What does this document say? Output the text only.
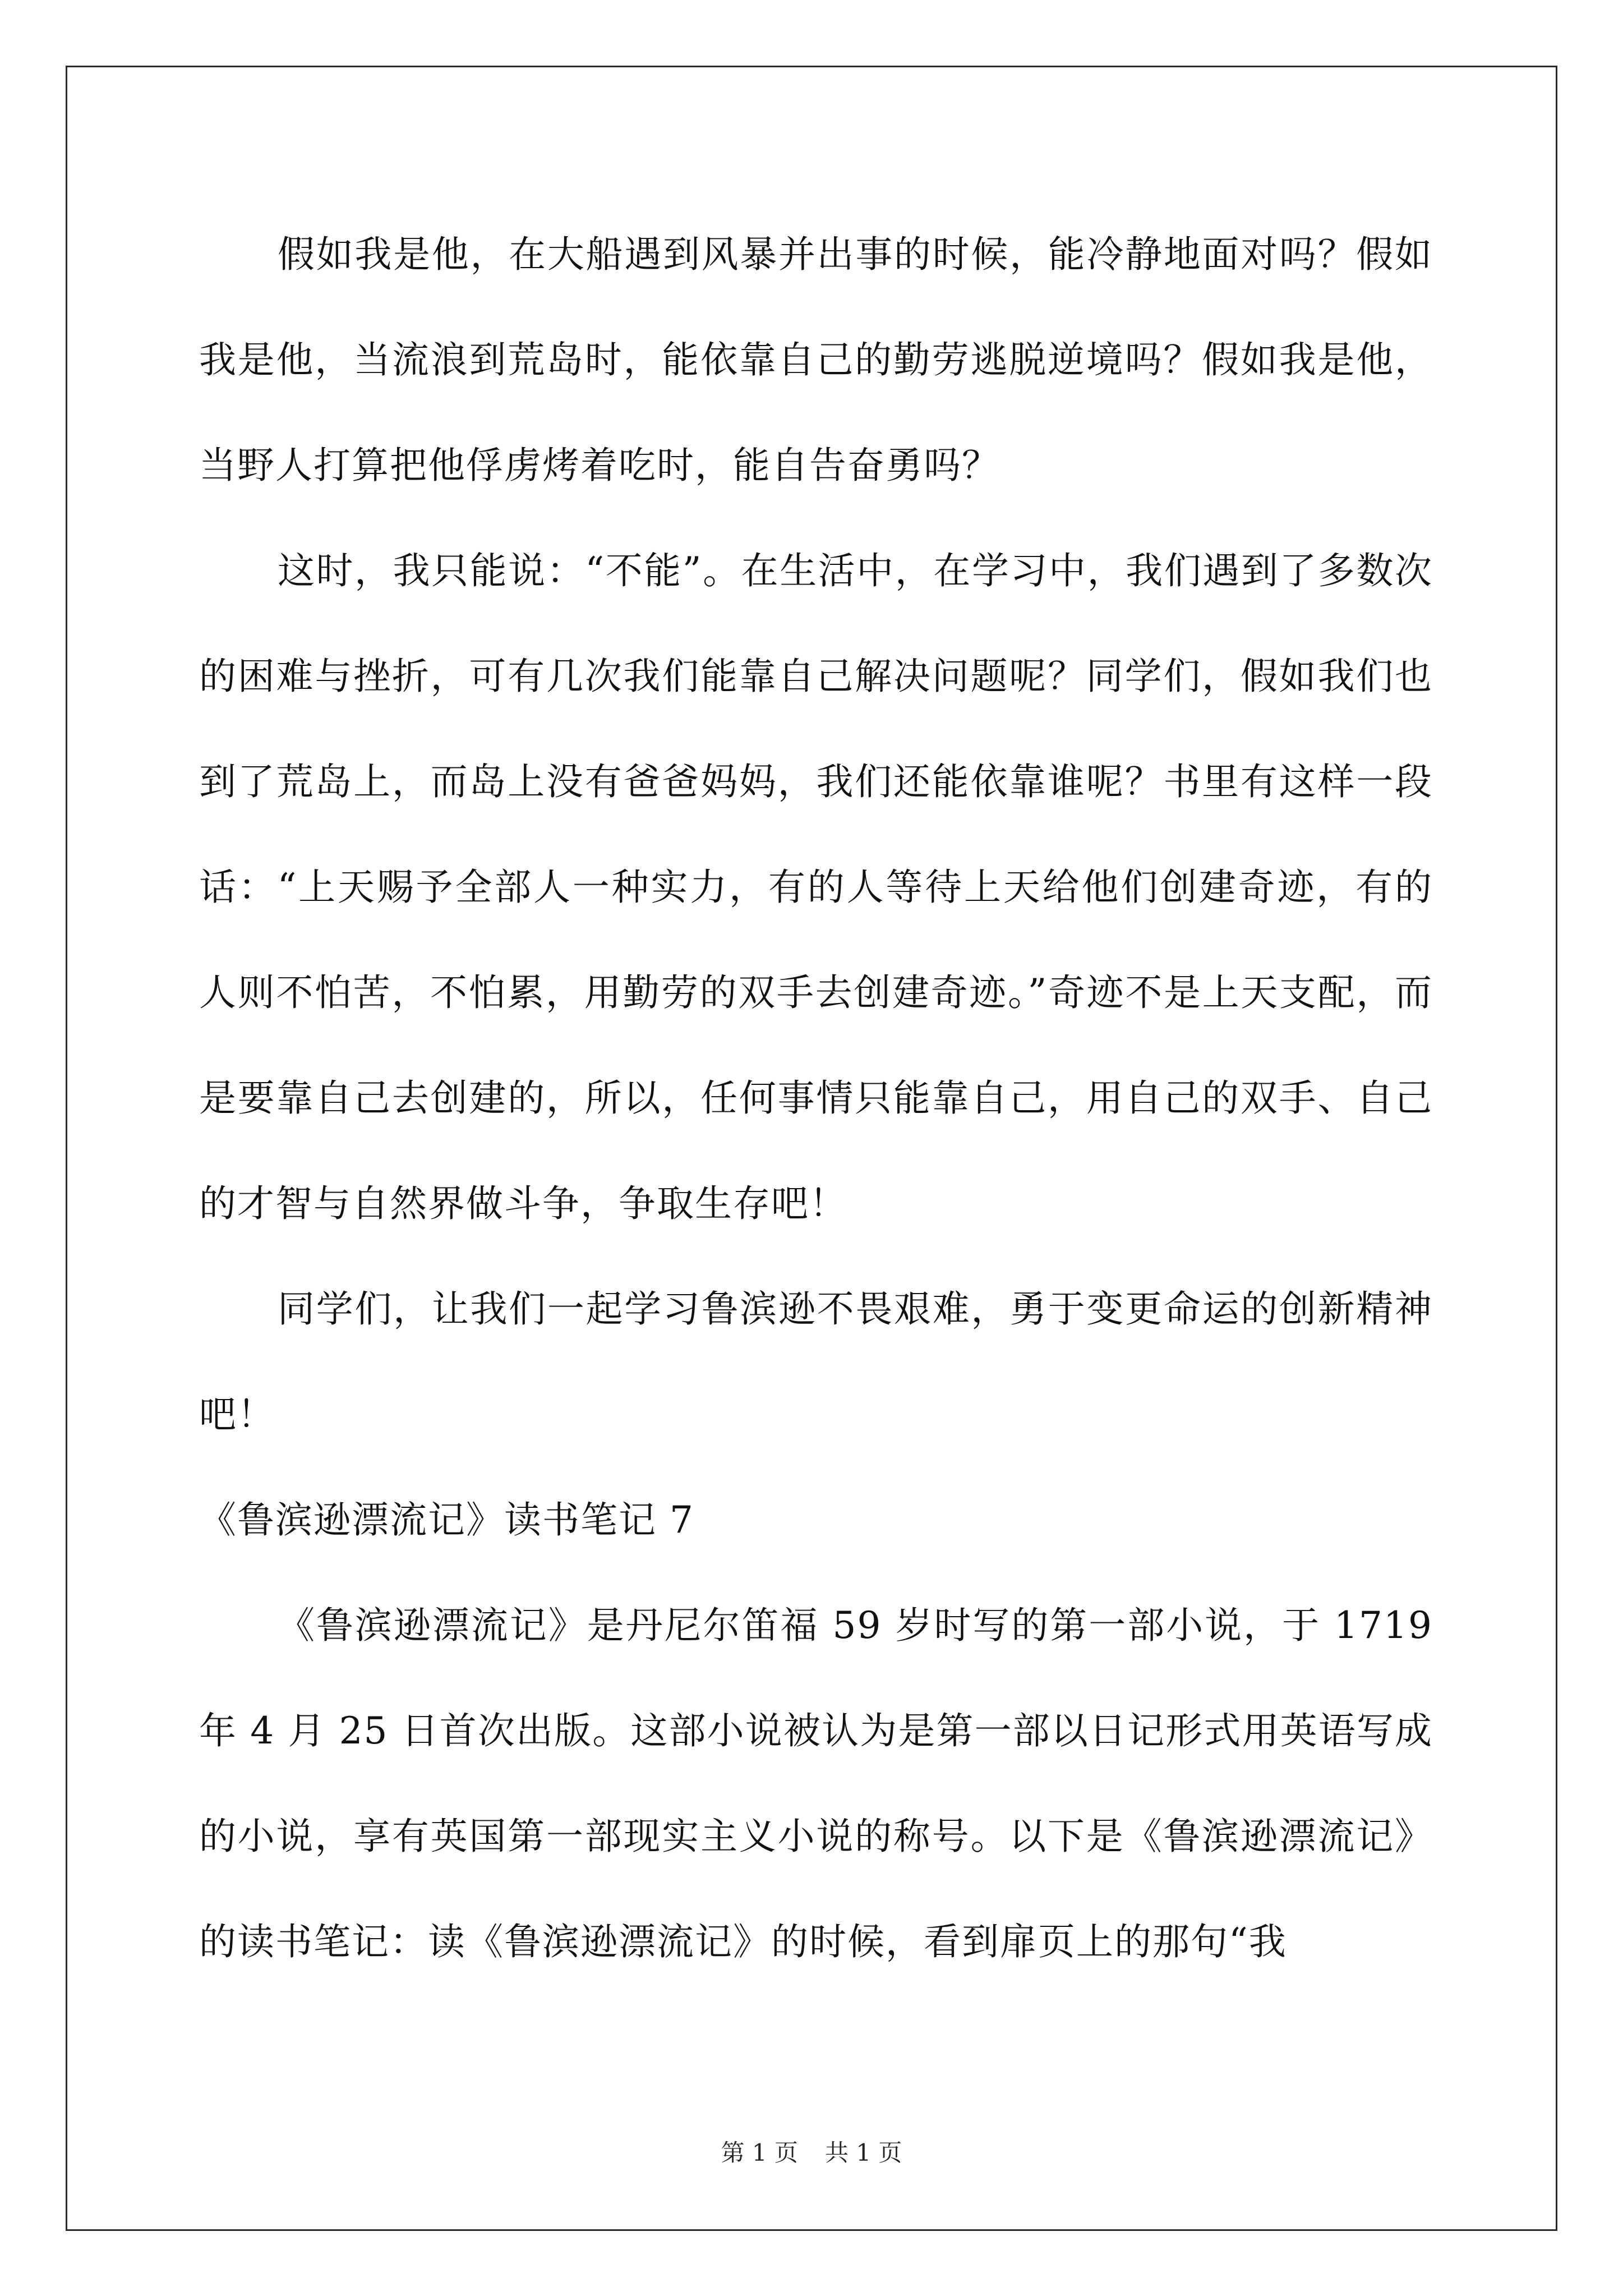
假如我是他，在大船遇到风暴并出事的时候，能冷静地面对吗？假如我是他，当流浪到荒岛时，能依靠自己的勤劳逃脱逆境吗？假如我是他，当野人打算把他俘虏烤着吃时，能自告奋勇吗？

这时，我只能说：“不能”。在生活中，在学习中，我们遇到了多数次的困难与挫折，可有几次我们能靠自己解决问题呢？同学们，假如我们也到了荒岛上，而岛上没有爸爸妈妈，我们还能依靠谁呢？书里有这样一段话：“上天赐予全部人一种实力，有的人等待上天给他们创建奇迹，有的人则不怕苦，不怕累，用勤劳的双手去创建奇迹。”奇迹不是上天支配，而是要靠自己去创建的，所以，任何事情只能靠自己，用自己的双手、自己的才智与自然界做斗争，争取生存吧！

同学们，让我们一起学习鲁滨逊不畏艰难，勇于变更命运的创新精神吧！

《鲁滨逊漂流记》读书笔记 7

《鲁滨逊漂流记》是丹尼尔笛福 59 岁时写的第一部小说，于 1719 年 4 月 25 日首次出版。这部小说被认为是第一部以日记形式用英语写成的小说，享有英国第一部现实主义小说的称号。以下是《鲁滨逊漂流记》的读书笔记：读《鲁滨逊漂流记》的时候，看到扉页上的那句“我

第 1 页 共 1 页
